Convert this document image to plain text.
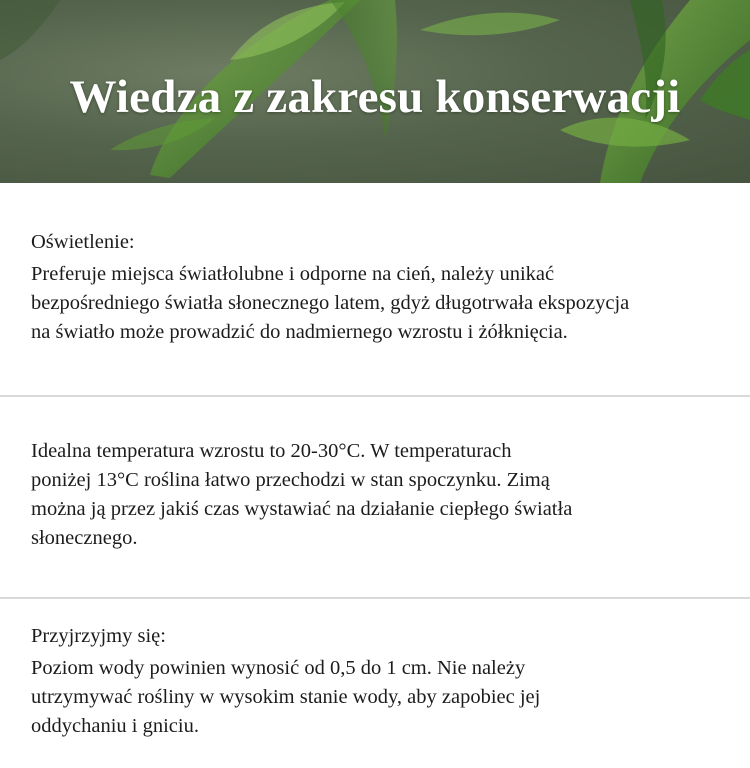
Wiedza z zakresu konserwacji

Oświetlenie:

Preferuje miejsca światłolubne i odporne na cień, należy unikać

bezpośredniego światła słonecznego latem, gdyż długotrwała ekspozycja

na światło może prowadzić do nadmiernego wzrostu i żółknięcia.

Idealna temperatura wzrostu to 20-30°C. W temperaturach

poniżej 13°C roślina łatwo przechodzi w stan spoczynku. Zimą

można ją przez jakiś czas wystawiać na działanie ciepłego światła

słonecznego.

Przyjrzyjmy się:

Poziom wody powinien wynosić od 0,5 do 1 cm. Nie należy

utrzymywać rośliny w wysokim stanie wody, aby zapobiec jej

oddychaniu i gniciu.
